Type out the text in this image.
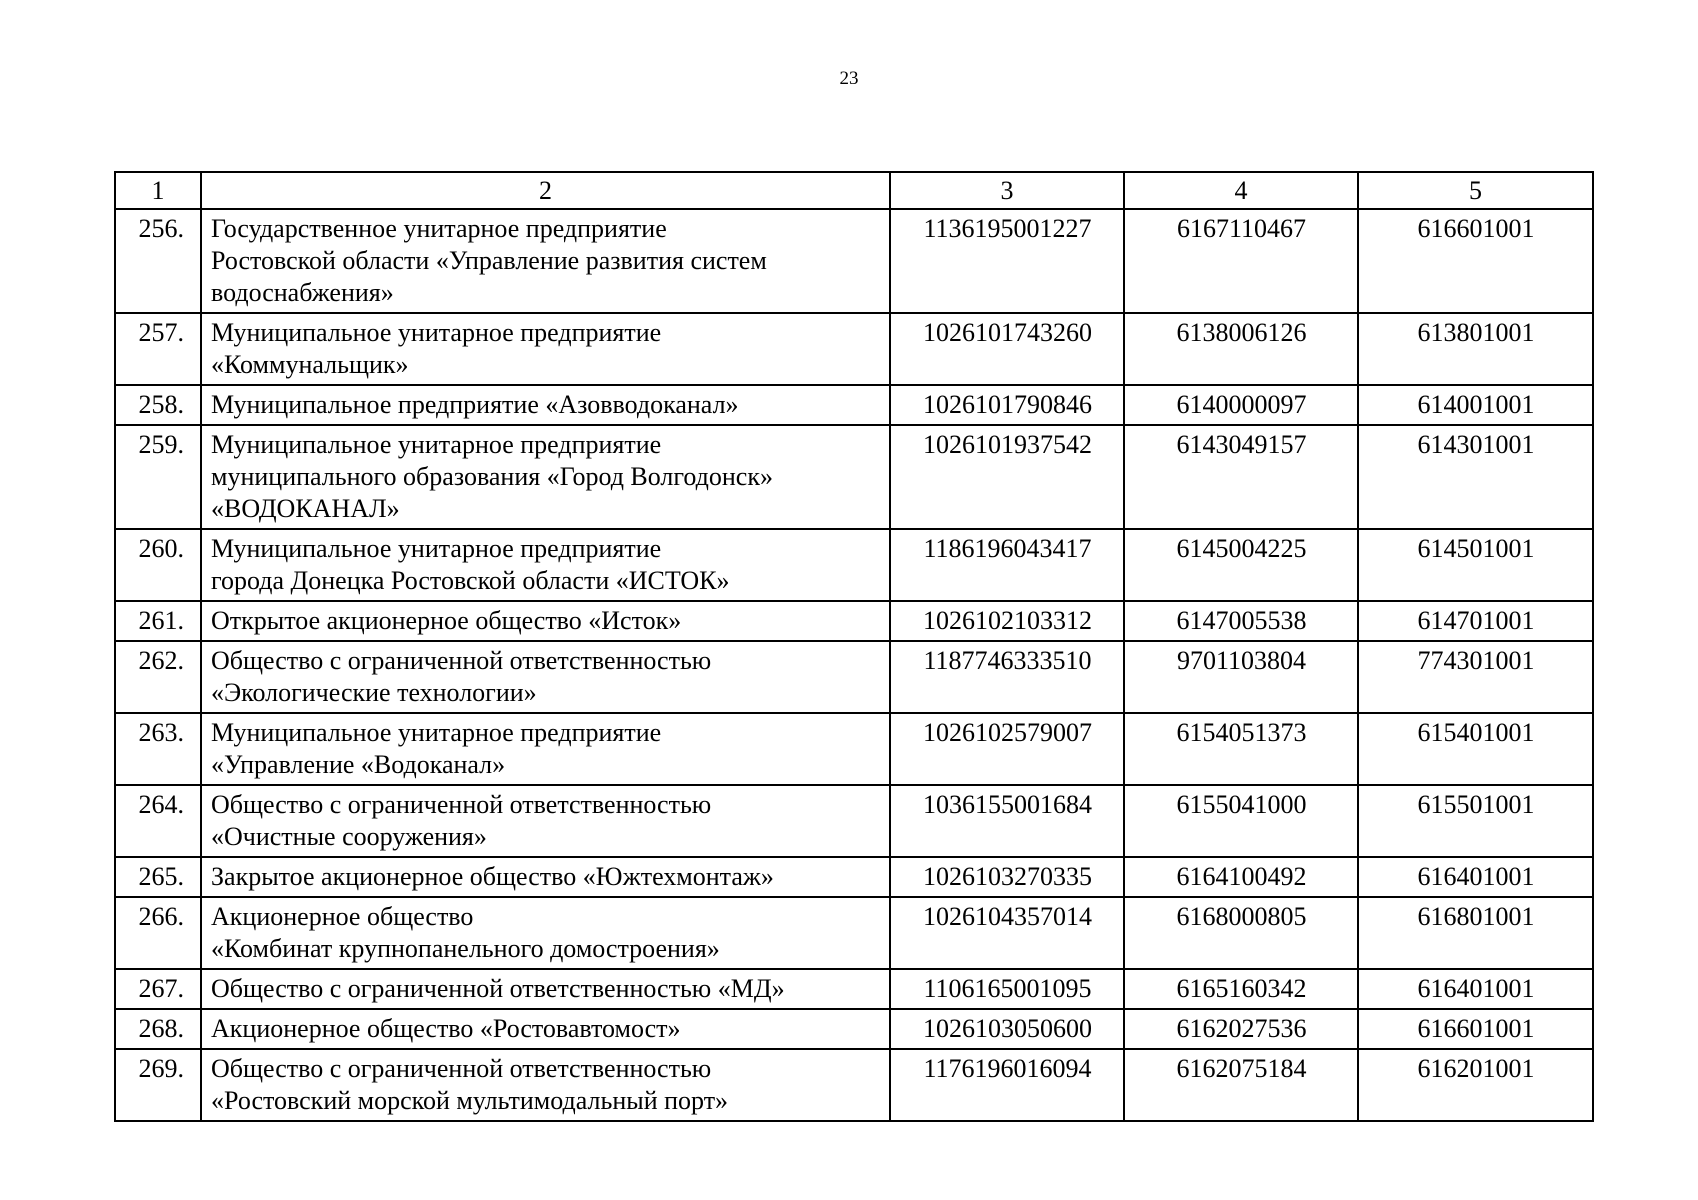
23
1	2	3	4	5
256.	Государственное унитарное предприятие
Ростовской области «Управление развития систем
водоснабжения»	1136195001227	6167110467	616601001
257.	Муниципальное унитарное предприятие
«Коммунальщик»	1026101743260	6138006126	613801001
258.	Муниципальное предприятие «Азовводоканал»	1026101790846	6140000097	614001001
259.	Муниципальное унитарное предприятие
муниципального образования «Город Волгодонск»
«ВОДОКАНАЛ»	1026101937542	6143049157	614301001
260.	Муниципальное унитарное предприятие
города Донецка Ростовской области «ИСТОК»	1186196043417	6145004225	614501001
261.	Открытое акционерное общество «Исток»	1026102103312	6147005538	614701001
262.	Общество с ограниченной ответственностью
«Экологические технологии»	1187746333510	9701103804	774301001
263.	Муниципальное унитарное предприятие
«Управление «Водоканал»	1026102579007	6154051373	615401001
264.	Общество с ограниченной ответственностью
«Очистные сооружения»	1036155001684	6155041000	615501001
265.	Закрытое акционерное общество «Южтехмонтаж»	1026103270335	6164100492	616401001
266.	Акционерное общество
«Комбинат крупнопанельного домостроения»	1026104357014	6168000805	616801001
267.	Общество с ограниченной ответственностью «МД»	1106165001095	6165160342	616401001
268.	Акционерное общество «Ростовавтомост»	1026103050600	6162027536	616601001
269.	Общество с ограниченной ответственностью
«Ростовский морской мультимодальный порт»	1176196016094	6162075184	616201001
